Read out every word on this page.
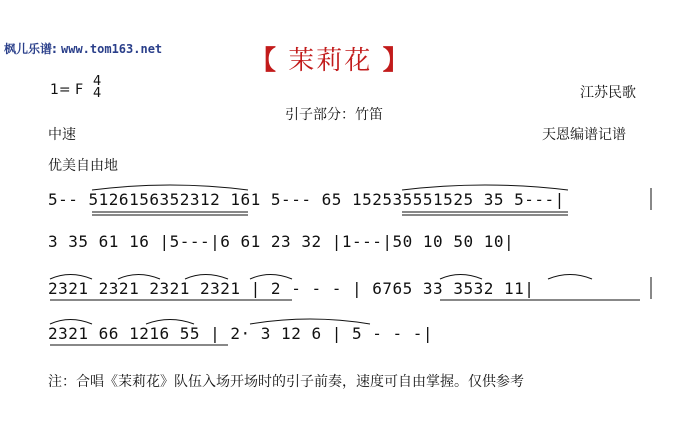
枫儿乐谱: www.tom163.net	【 茉莉花 】
1= F
4
4	江苏民歌
引子部分：竹笛
中速	天恩编谱记谱
优美自由地
5-- 5126156352312 161 5--- 65 152535551525 35 5---|
3 35 61 16 |5---|6 61 23 32 |1---|50 10 50 10|
2321 2321 2321 2321 | 2 - - - | 6765 33 3532 11|
2321 66 1216 55 | 2· 3 12 6 | 5 - - -|
注：合唱《茉莉花》队伍入场开场时的引子前奏，速度可自由掌握。仅供参考
